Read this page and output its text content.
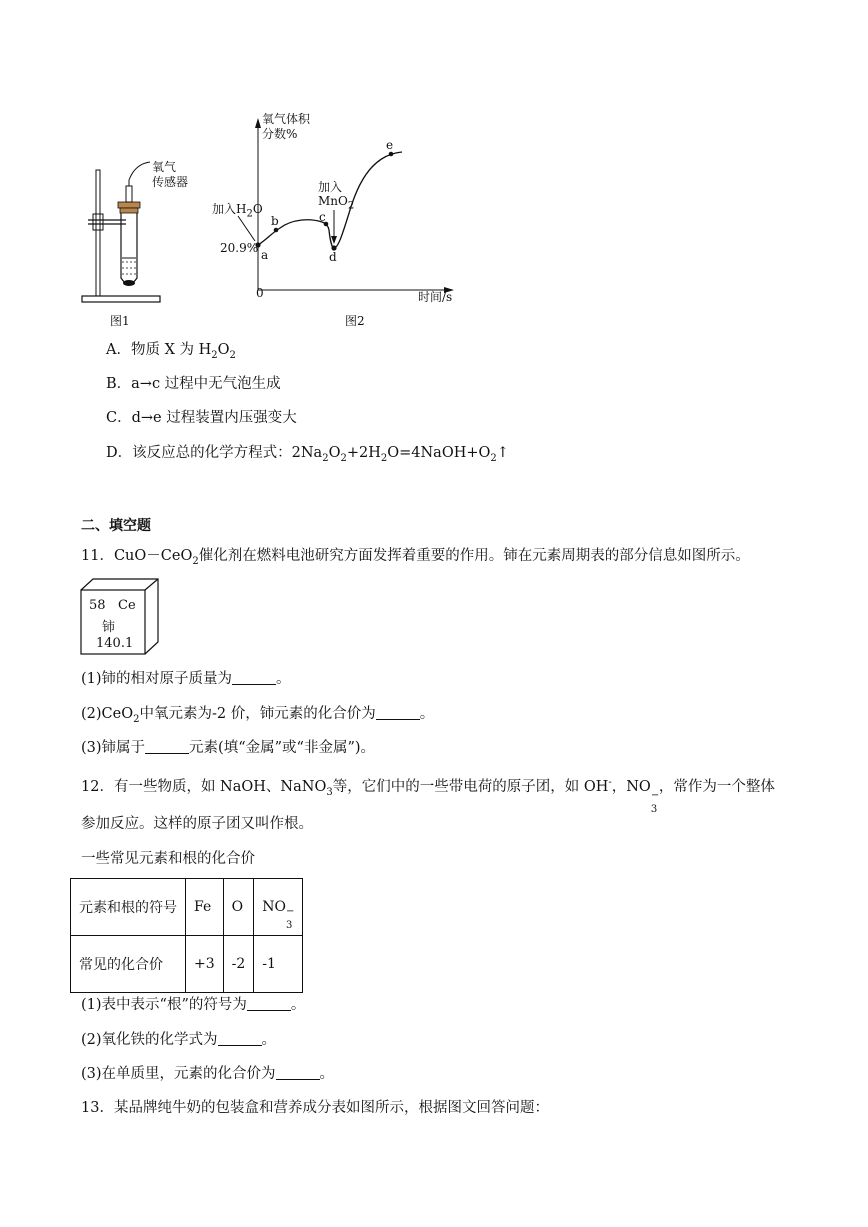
氧气
传感器
图1
氧气体积
分数%
时间/s
0
20.9%
加入$H_2O$
加入
MnO$_2$
a
b	c
d
e
图2
A．物质 X 为 $H_2O_2$
B．a→c 过程中无气泡生成
C．d→e 过程装置内压强变大
D．该反应总的化学方程式：$2Na_2O_2+2H_2O=4NaOH+O_2↑$
二、填空题
11．CuO－CeO$_2$催化剂在燃料电池研究方面发挥着重要的作用。铈在元素周期表的部分信息如图所示。
58 Ce
铈
140.1
(1)铈的相对原子质量为	。
(2)CeO$_2$中氧元素为-2 价，铈元素的化合价为	。
(3)铈属于	元素(填“金属”或“非金属”)。
12．有一些物质，如 NaOH、NaNO$_3$等，它们中的一些带电荷的原子团，如 OH-，NO
−
3
，常作为一个整体
参加反应。这样的原子团又叫作根。
一些常见元素和根的化合价
元素和根的符号	Fe	O	NO −
3

常见的化合价	+3	-2	-1
(1)表中表示“根”的符号为	。
(2)氧化铁的化学式为	。
(3)在单质里，元素的化合价为	。
13．某品牌纯牛奶的包装盒和营养成分表如图所示，根据图文回答问题：
